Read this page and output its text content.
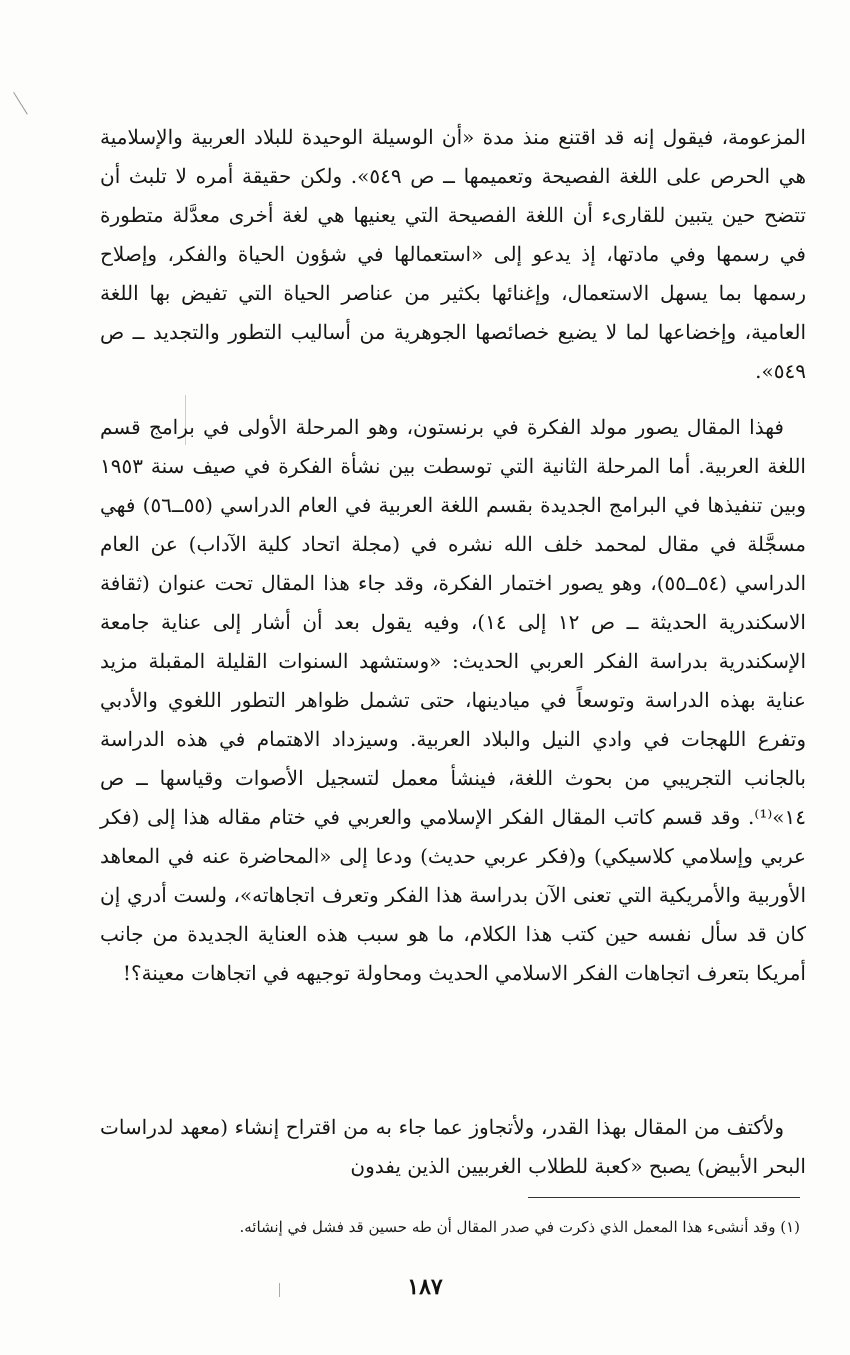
المزعومة، فيقول إنه قد اقتنع منذ مدة «أن الوسيلة الوحيدة للبلاد العربية والإسلامية هي الحرص على اللغة الفصيحة وتعميمها ــ ص ٥٤٩». ولكن حقيقة أمره لا تلبث أن تتضح حين يتبين للقارىء أن اللغة الفصيحة التي يعنيها هي لغة أخرى معدَّلة متطورة في رسمها وفي مادتها، إذ يدعو إلى «استعمالها في شؤون الحياة والفكر، وإصلاح رسمها بما يسهل الاستعمال، وإغنائها بكثير من عناصر الحياة التي تفيض بها اللغة العامية، وإخضاعها لما لا يضيع خصائصها الجوهرية من أساليب التطور والتجديد ــ ص ٥٤٩».

فهذا المقال يصور مولد الفكرة في برنستون، وهو المرحلة الأولى في برامج قسم اللغة العربية. أما المرحلة الثانية التي توسطت بين نشأة الفكرة في صيف سنة ١٩٥٣ وبين تنفيذها في البرامج الجديدة بقسم اللغة العربية في العام الدراسي (٥٥ــ٥٦) فهي مسجَّلة في مقال لمحمد خلف الله نشره في (مجلة اتحاد كلية الآداب) عن العام الدراسي (٥٤ــ٥٥)، وهو يصور اختمار الفكرة، وقد جاء هذا المقال تحت عنوان (ثقافة الاسكندرية الحديثة ــ ص ١٢ إلى ١٤)، وفيه يقول بعد أن أشار إلى عناية جامعة الإسكندرية بدراسة الفكر العربي الحديث: «وستشهد السنوات القليلة المقبلة مزيد عناية بهذه الدراسة وتوسعاً في ميادينها، حتى تشمل ظواهر التطور اللغوي والأدبي وتفرع اللهجات في وادي النيل والبلاد العربية. وسيزداد الاهتمام في هذه الدراسة بالجانب التجريبي من بحوث اللغة، فينشأ معمل لتسجيل الأصوات وقياسها ــ ص ١٤»⁽¹⁾. وقد قسم كاتب المقال الفكر الإسلامي والعربي في ختام مقاله هذا إلى (فكر عربي وإسلامي كلاسيكي) و(فكر عربي حديث) ودعا إلى «المحاضرة عنه في المعاهد الأوربية والأمريكية التي تعنى الآن بدراسة هذا الفكر وتعرف اتجاهاته»، ولست أدري إن كان قد سأل نفسه حين كتب هذا الكلام، ما هو سبب هذه العناية الجديدة من جانب أمريكا بتعرف اتجاهات الفكر الاسلامي الحديث ومحاولة توجيهه في اتجاهات معينة؟!

ولأكتف من المقال بهذا القدر، ولأتجاوز عما جاء به من اقتراح إنشاء (معهد لدراسات البحر الأبيض) يصبح «كعبة للطلاب الغربيين الذين يفدون

(١) وقد أنشىء هذا المعمل الذي ذكرت في صدر المقال أن طه حسين قد فشل في إنشائه.
١٨٧
